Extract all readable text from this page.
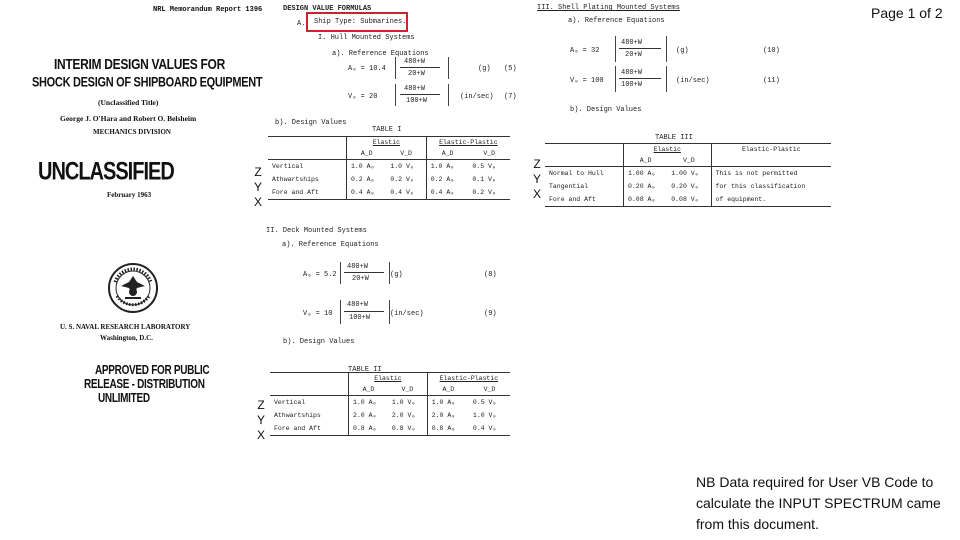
NRL Memorandum Report 1396
INTERIM DESIGN VALUES FOR
SHOCK DESIGN OF SHIPBOARD EQUIPMENT
(Unclassified Title)
George J. O'Hara and Robert O. Belsheim
MECHANICS DIVISION
UNCLASSIFIED
February 1963
U. S. NAVAL RESEARCH LABORATORY
Washington, D.C.
APPROVED FOR PUBLIC
RELEASE - DISTRIBUTION
UNLIMITED
DESIGN VALUE FORMULAS
A. Ship Type: Submarines.
I. Hull Mounted Systems
a). Reference Equations
A₀ = 10.4
480+W
20+W
(g) (5)
V₀ = 20
480+W
100+W	(in/sec) (7)
b). Design Values
TABLE I
Z
Y
X
	Elastic		Elastic-Plastic	
	A_D	V_D	A_D	V_D
Vertical	1.0 A₀	1.0 V₀	1.0 A₀	0.5 V₀
Athwartships	0.2 A₀	0.2 V₀	0.2 A₀	0.1 V₀
Fore and Aft	0.4 A₀	0.4 V₀	0.4 A₀	0.2 V₀
II. Deck Mounted Systems
a). Reference Equations
A₀ = 5.2
480+W
20+W	(g)	(8)
V₀ = 10
480+W
100+W	(in/sec)	(9)
b). Design Values
TABLE II
Z
Y
X
	Elastic		Elastic-Plastic	
	A_D	V_D	A_D	V_D
Vertical	1.0 A₀	1.0 V₀	1.0 A₀	0.5 V₀
Athwartships	2.0 A₀	2.0 V₀	2.0 A₀	1.0 V₀
Fore and Aft	0.8 A₀	0.8 V₀	0.8 A₀	0.4 V₀
III. Shell Plating Mounted Systems
a). Reference Equations
A₀ = 32
480+W
20+W	(g)	(10)
V₀ = 100
480+W
100+W	(in/sec)	(11)
b). Design Values
TABLE III
Z
Y
X
	Elastic		Elastic-Plastic
	A_D	V_D	
Normal to Hull	1.00 A₀	1.00 V₀	This is not permitted
Tangential	0.20 A₀	0.20 V₀	for this classification
Fore and Aft	0.08 A₀	0.08 V₀	of equipment.
Page 1 of 2
NB Data required for User VB Code to calculate the INPUT SPECTRUM came from this document.
